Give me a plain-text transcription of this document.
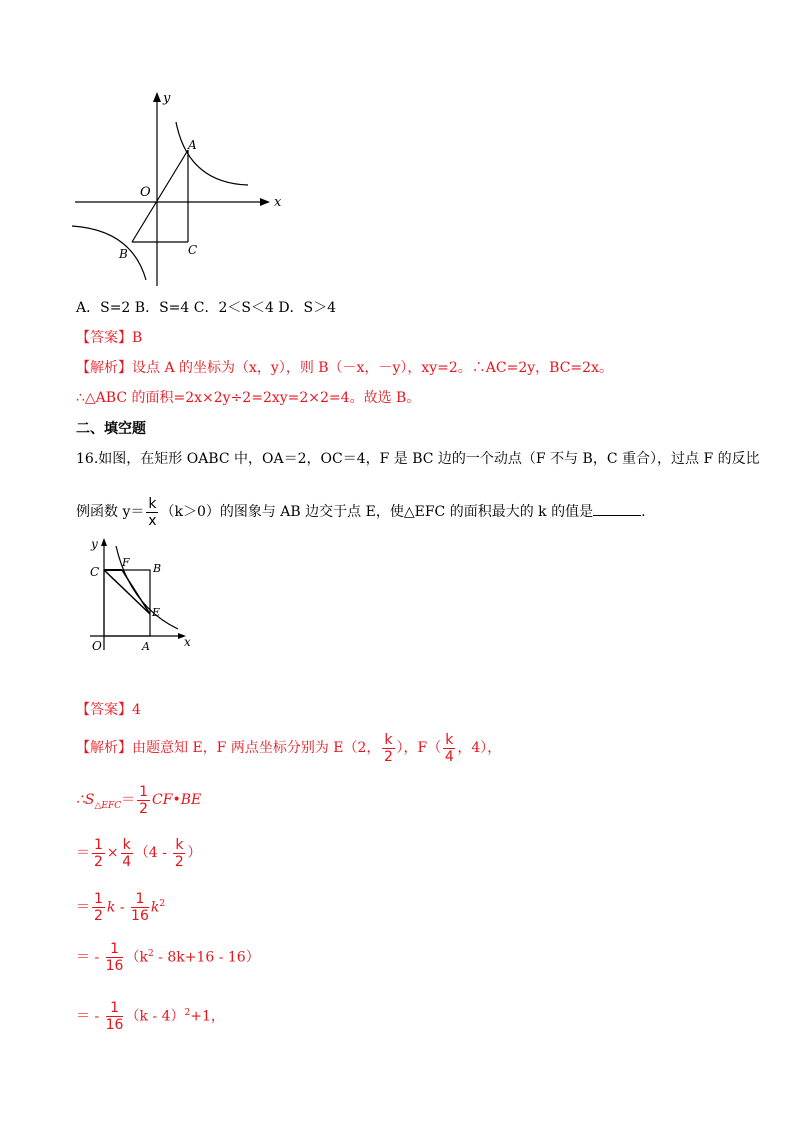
y
x
O
A
B	C
A．S=2 B．S=4 C．2＜S＜4 D．S＞4
【答案】B
【解析】设点 A 的坐标为（x，y），则 B（－x，－y），xy=2。∴AC=2y，BC=2x。
∴△ABC 的面积=2x×2y÷2=2xy=2×2=4。故选 B。
二、填空题
16.如图，在矩形 OABC 中，OA＝2，OC＝4，F 是 BC 边的一个动点（F 不与 B，C 重合），过点 F 的反比
例函数 $y= \frac{k}{x} (k>0)$的图象与 AB 边交于点 E，使△EFC 的面积最大的 k 的值是	.
y
x
O	A
B
C
E
F
【答案】4
【解析】由题意知 E，F 两点坐标分别为 E（2， $\frac{k}{2}$ ），$F( \frac{k}{4}$ ，4），
$\therefore S_{\triangle EFC}= \frac{1}{2}$ CF•BE
＝ $\frac{1}{2} \times \frac{k}{4} (4 - \frac{k}{2}$ ）
＝ $\frac{1}{2}$ k - $\frac{1}{16} k^2$
＝ - $\frac{1}{16} (k^2 - 8k+16 - 16)$
＝ - $\frac{1}{16} (k - 4)^2+1$，
